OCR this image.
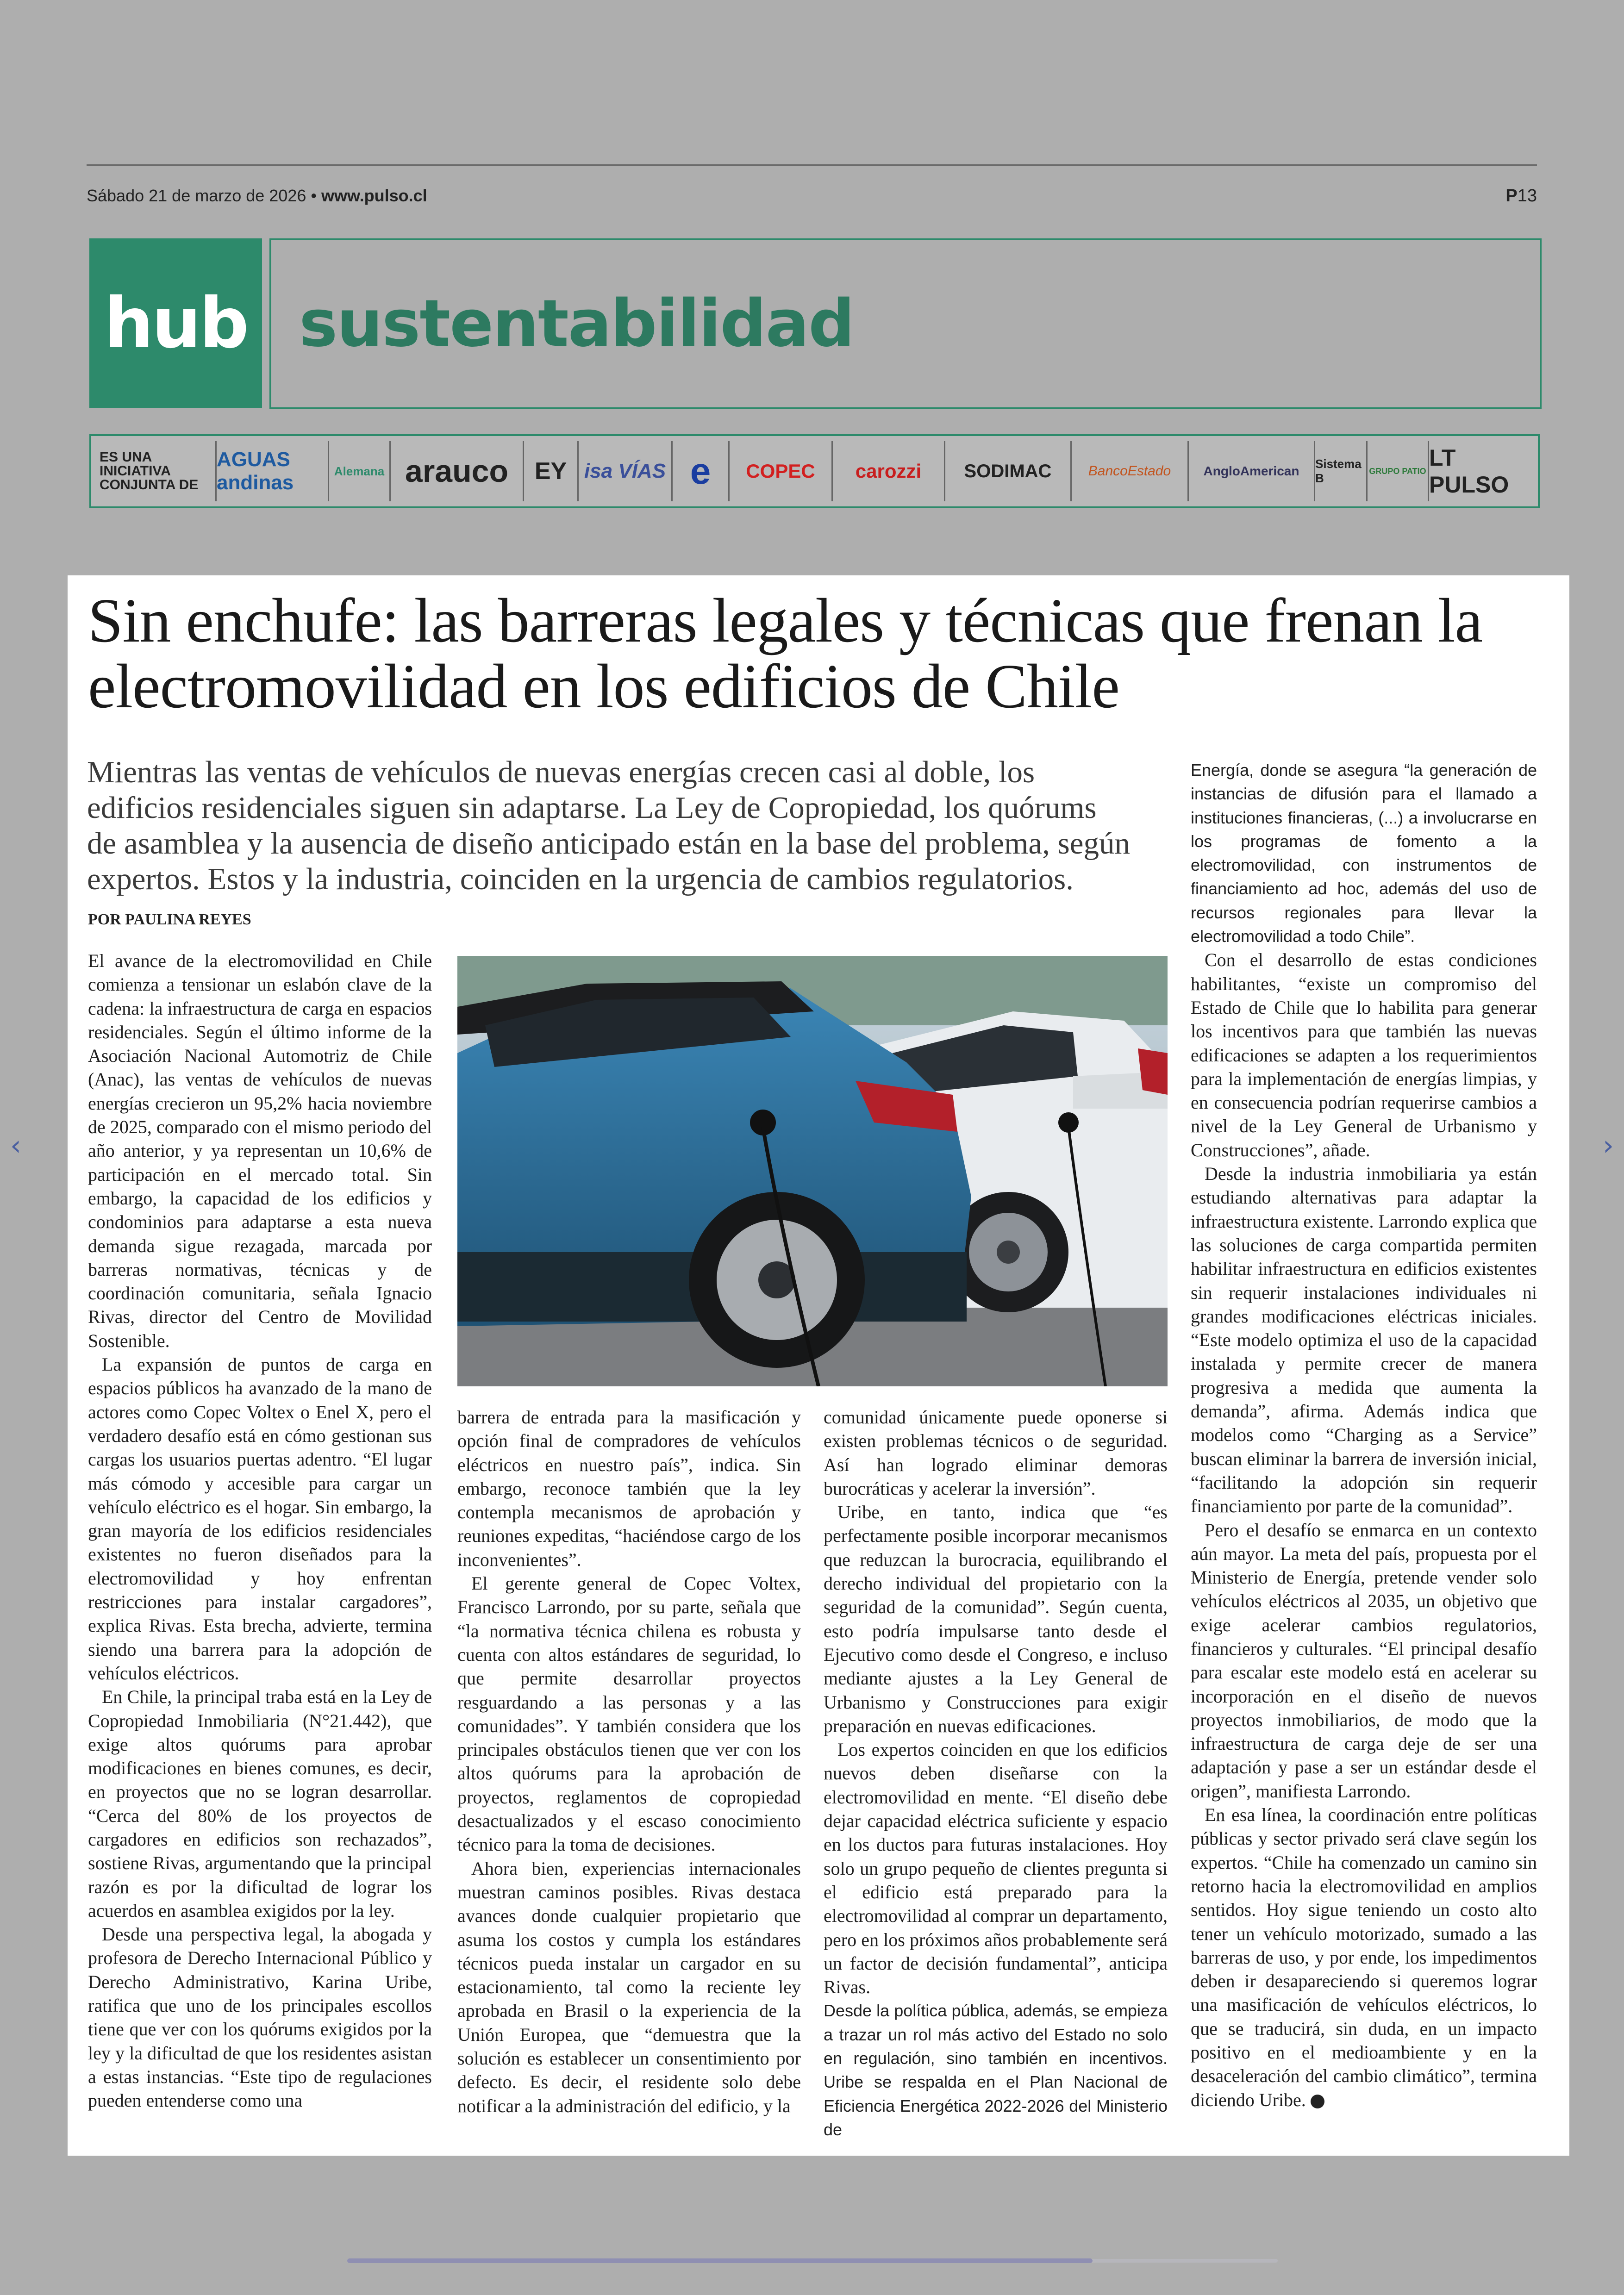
Sábado 21 de marzo de 2026 • www.pulso.cl	P13
hub sustentabilidad
ES UNA INICIATIVA CONJUNTA DE
AGUAS andinas
Alemana arauco	EY isa VÍAS e	COPEC	carozzi	SODIMAC	BancoEstado	AngloAmerican	Sistema B
GRUPO PATIO
LT PULSO
Sin enchufe: las barreras legales y técnicas que frenan la electromovilidad en los edificios de Chile
Mientras las ventas de vehículos de nuevas energías crecen casi al doble, los edificios residenciales siguen sin adaptarse. La Ley de Copropiedad, los quórums de asamblea y la ausencia de diseño anticipado están en la base del problema, según expertos. Estos y la industria, coinciden en la urgencia de cambios regulatorios.
POR PAULINA REYES

El avance de la electromovilidad en Chile comienza a tensionar un eslabón clave de la cadena: la infraestructura de carga en espacios residenciales. Según el último informe de la Asociación Nacional Automotriz de Chile (Anac), las ventas de vehículos de nuevas energías crecieron un 95,2% hacia noviembre de 2025, comparado con el mismo periodo del año anterior, y ya representan un 10,6% de participación en el mercado total. Sin embargo, la capacidad de los edificios y condominios para adaptarse a esta nueva demanda sigue rezagada, marcada por barreras normativas, técnicas y de coordinación comunitaria, señala Ignacio Rivas, director del Centro de Movilidad Sostenible.

La expansión de puntos de carga en espacios públicos ha avanzado de la mano de actores como Copec Voltex o Enel X, pero el verdadero desafío está en cómo gestionan sus cargas los usuarios puertas adentro. “El lugar más cómodo y accesible para cargar un vehículo eléctrico es el hogar. Sin embargo, la gran mayoría de los edificios residenciales existentes no fueron diseñados para la electromovilidad y hoy enfrentan restricciones para instalar cargadores”, explica Rivas. Esta brecha, advierte, termina siendo una barrera para la adopción de vehículos eléctricos.

En Chile, la principal traba está en la Ley de Copropiedad Inmobiliaria (N°21.442), que exige altos quórums para aprobar modificaciones en bienes comunes, es decir, en proyectos que no se logran desarrollar. “Cerca del 80% de los proyectos de cargadores en edificios son rechazados”, sostiene Rivas, argumentando que la principal razón es por la dificultad de lograr los acuerdos en asamblea exigidos por la ley.

Desde una perspectiva legal, la abogada y profesora de Derecho Internacional Público y Derecho Administrativo, Karina Uribe, ratifica que uno de los principales escollos tiene que ver con los quórums exigidos por la ley y la dificultad de que los residentes asistan a estas instancias. “Este tipo de regulaciones pueden entenderse como una

barrera de entrada para la masificación y opción final de compradores de vehículos eléctricos en nuestro país”, indica. Sin embargo, reconoce también que la ley contempla mecanismos de aprobación y reuniones expeditas, “haciéndose cargo de los inconvenientes”.

El gerente general de Copec Voltex, Francisco Larrondo, por su parte, señala que “la normativa técnica chilena es robusta y cuenta con altos estándares de seguridad, lo que permite desarrollar proyectos resguardando a las personas y a las comunidades”. Y también considera que los principales obstáculos tienen que ver con los altos quórums para la aprobación de proyectos, reglamentos de copropiedad desactualizados y el escaso conocimiento técnico para la toma de decisiones.

Ahora bien, experiencias internacionales muestran caminos posibles. Rivas destaca avances donde cualquier propietario que asuma los costos y cumpla los estándares técnicos pueda instalar un cargador en su estacionamiento, tal como la reciente ley aprobada en Brasil o la experiencia de la Unión Europea, que “demuestra que la solución es establecer un consentimiento por defecto. Es decir, el residente solo debe notificar a la administración del edificio, y la

comunidad únicamente puede oponerse si existen problemas técnicos o de seguridad. Así han logrado eliminar demoras burocráticas y acelerar la inversión”.

Uribe, en tanto, indica que “es perfectamente posible incorporar mecanismos que reduzcan la burocracia, equilibrando el derecho individual del propietario con la seguridad de la comunidad”. Según cuenta, esto podría impulsarse tanto desde el Ejecutivo como desde el Congreso, e incluso mediante ajustes a la Ley General de Urbanismo y Construcciones para exigir preparación en nuevas edificaciones.

Los expertos coinciden en que los edificios nuevos deben diseñarse con la electromovilidad en mente. “El diseño debe dejar capacidad eléctrica suficiente y espacio en los ductos para futuras instalaciones. Hoy solo un grupo pequeño de clientes pregunta si el edificio está preparado para la electromovilidad al comprar un departamento, pero en los próximos años probablemente será un factor de decisión fundamental”, anticipa Rivas.

Desde la política pública, además, se empieza a trazar un rol más activo del Estado no solo en regulación, sino también en incentivos. Uribe se respalda en el Plan Nacional de Eficiencia Energética 2022-2026 del Ministerio de

Energía, donde se asegura “la generación de instancias de difusión para el llamado a instituciones financieras, (...) a involucrarse en los programas de fomento a la electromovilidad, con instrumentos de financiamiento ad hoc, además del uso de recursos regionales para llevar la electromovilidad a todo Chile”.

Con el desarrollo de estas condiciones habilitantes, “existe un compromiso del Estado de Chile que lo habilita para generar los incentivos para que también las nuevas edificaciones se adapten a los requerimientos para la implementación de energías limpias, y en consecuencia podrían requerirse cambios a nivel de la Ley General de Urbanismo y Construcciones”, añade.

Desde la industria inmobiliaria ya están estudiando alternativas para adaptar la infraestructura existente. Larrondo explica que las soluciones de carga compartida permiten habilitar infraestructura en edificios existentes sin requerir instalaciones individuales ni grandes modificaciones eléctricas iniciales. “Este modelo optimiza el uso de la capacidad instalada y permite crecer de manera progresiva a medida que aumenta la demanda”, afirma. Además indica que modelos como “Charging as a Service” buscan eliminar la barrera de inversión inicial, “facilitando la adopción sin requerir financiamiento por parte de la comunidad”.

Pero el desafío se enmarca en un contexto aún mayor. La meta del país, propuesta por el Ministerio de Energía, pretende vender solo vehículos eléctricos al 2035, un objetivo que exige acelerar cambios regulatorios, financieros y culturales. “El principal desafío para escalar este modelo está en acelerar su incorporación en el diseño de nuevos proyectos inmobiliarios, de modo que la infraestructura de carga deje de ser una adaptación y pase a ser un estándar desde el origen”, manifiesta Larrondo.

En esa línea, la coordinación entre políticas públicas y sector privado será clave según los expertos. “Chile ha comenzado un camino sin retorno hacia la electromovilidad en amplios sentidos. Hoy sigue teniendo un costo alto tener un vehículo motorizado, sumado a las barreras de uso, y por ende, los impedimentos deben ir desapareciendo si queremos lograr una masificación de vehículos eléctricos, lo que se traducirá, sin duda, en un impacto positivo en el medioambiente y en la desaceleración del cambio climático”, termina diciendo Uribe.

‹	›
